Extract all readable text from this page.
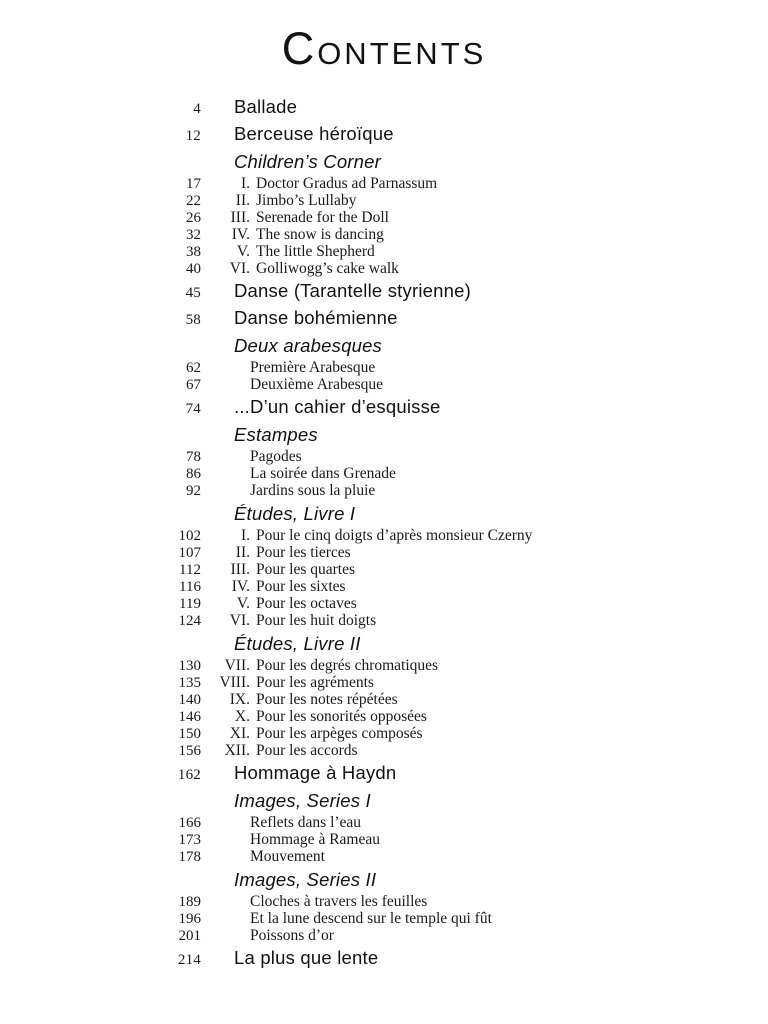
CONTENTS
4 Ballade
12 Berceuse héroïque
Children’s Corner
17	I. Doctor Gradus ad Parnassum
22	II. Jimbo’s Lullaby
26	III. Serenade for the Doll
32	IV. The snow is dancing
38	V. The little Shepherd
40	VI. Golliwogg’s cake walk
45 Danse (Tarantelle styrienne)
58 Danse bohémienne
Deux arabesques
62	Première Arabesque
67	Deuxième Arabesque
74 ...D’un cahier d’esquisse
Estampes
78	Pagodes
86	La soirée dans Grenade
92	Jardins sous la pluie
Études, Livre I
102	I. Pour le cinq doigts d’après monsieur Czerny
107	II. Pour les tierces
112	III. Pour les quartes
116	IV. Pour les sixtes
119	V. Pour les octaves
124	VI. Pour les huit doigts
Études, Livre II
130	VII. Pour les degrés chromatiques
135	VIII. Pour les agréments
140	IX. Pour les notes répétées
146	X. Pour les sonorités opposées
150	XI. Pour les arpèges composés
156	XII. Pour les accords
162 Hommage à Haydn
Images, Series I
166	Reflets dans l’eau
173	Hommage à Rameau
178	Mouvement
Images, Series II
189	Cloches à travers les feuilles
196	Et la lune descend sur le temple qui fût
201	Poissons d’or
214 La plus que lente
